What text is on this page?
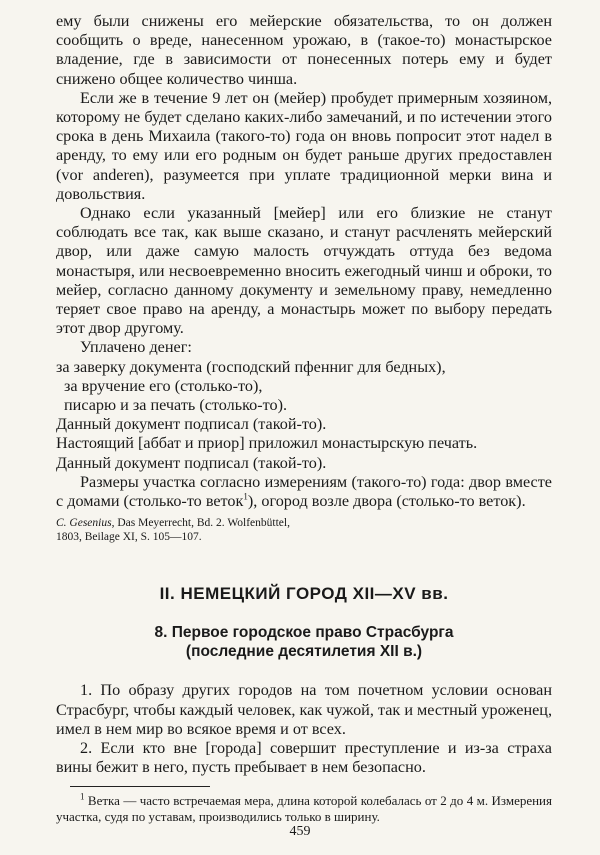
ему были снижены его мейерские обязательства, то он должен сообщить о вреде, нанесенном урожаю, в (такое-то) монастырское владение, где в зависимости от понесенных потерь ему и будет снижено общее количество чинша.

Если же в течение 9 лет он (мейер) пробудет примерным хозяином, которому не будет сделано каких-либо замечаний, и по истечении этого срока в день Михаила (такого-то) года он вновь попросит этот надел в аренду, то ему или его родным он будет раньше других предоставлен (vor anderen), разумеется при уплате традиционной мерки вина и довольствия.

Однако если указанный [мейер] или его близкие не станут соблюдать все так, как выше сказано, и станут расчленять мейерский двор, или даже самую малость отчуждать оттуда без ведома монастыря, или несвоевременно вносить ежегодный чинш и оброки, то мейер, согласно данному документу и земельному праву, немедленно теряет свое право на аренду, а монастырь может по выбору передать этот двор другому.

Уплачено денег:
за заверку документа (господский пфенниг для бедных),
за вручение его (столько-то),
писарю и за печать (столько-то).
Данный документ подписал (такой-то).
Настоящий [аббат и приор] приложил монастырскую печать.
Данный документ подписал (такой-то).

Размеры участка согласно измерениям (такого-то) года: двор вместе с домами (столько-то веток$^1$), огород возле двора (столько-то веток).

C. Gesenius, Das Meyerrecht, Bd. 2. Wolfenbüttel,
1803, Beilage XI, S. 105—107.

II. НЕМЕЦКИЙ ГОРОД XII—XV вв.

8. Первое городское право Страсбурга
(последние десятилетия XII в.)

1. По образу других городов на том почетном условии основан Страсбург, чтобы каждый человек, как чужой, так и местный уроженец, имел в нем мир во всякое время и от всех.

2. Если кто вне [города] совершит преступление и из-за страха вины бежит в него, пусть пребывает в нем безопасно.

$^1$ Ветка — часто встречаемая мера, длина которой колебалась от 2 до 4 м. Измерения участка, судя по уставам, производились только в ширину.

459
